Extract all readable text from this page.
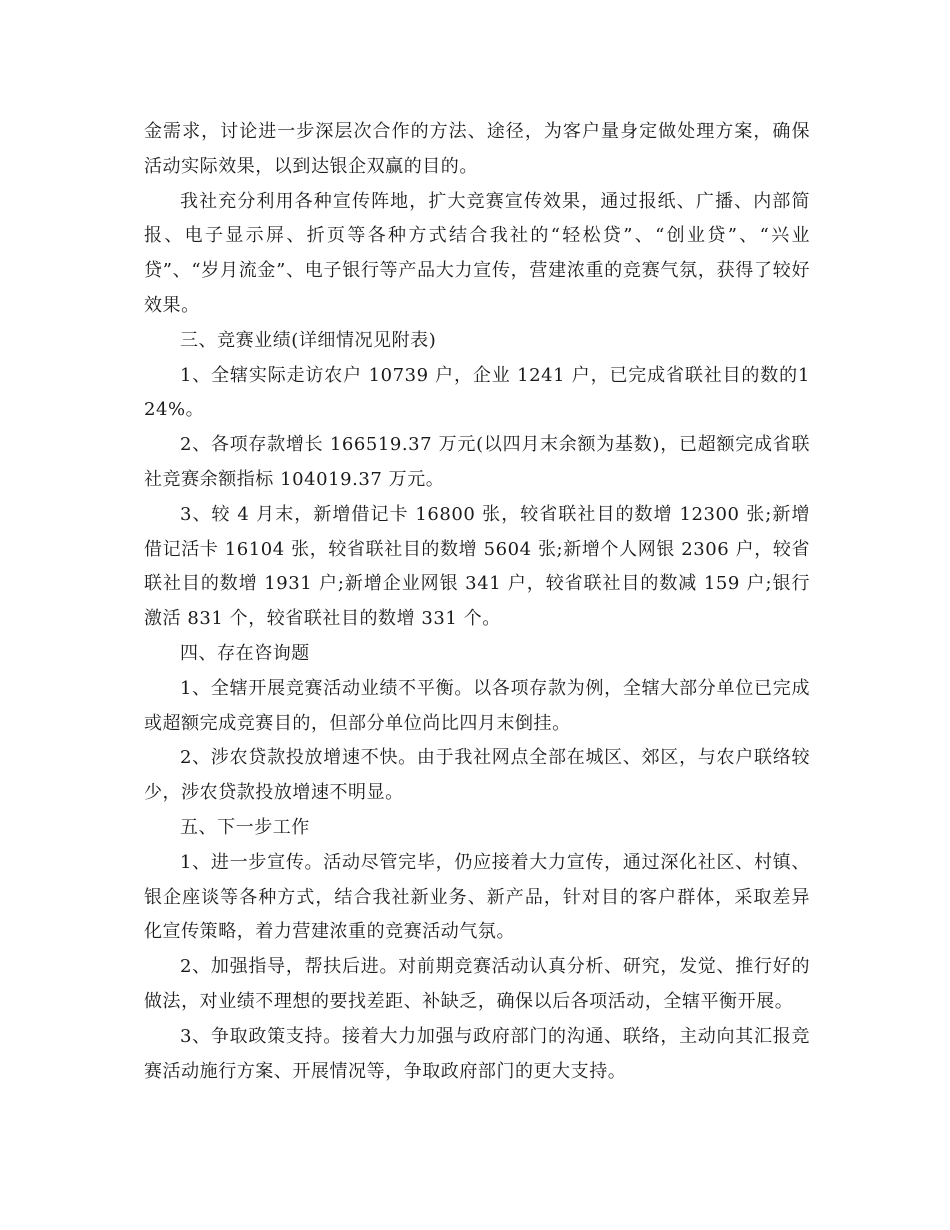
金需求，讨论进一步深层次合作的方法、途径，为客户量身定做处理方案，确保活动实际效果，以到达银企双赢的目的。

我社充分利用各种宣传阵地，扩大竞赛宣传效果，通过报纸、广播、内部简报、电子显示屏、折页等各种方式结合我社的“轻松贷”、“创业贷”、“兴业贷”、“岁月流金”、电子银行等产品大力宣传，营建浓重的竞赛气氛，获得了较好效果。

三、竞赛业绩(详细情况见附表)

1、全辖实际走访农户 10739 户，企业 1241 户，已完成省联社目的数的124%。

2、各项存款增长 166519.37 万元(以四月末余额为基数)，已超额完成省联社竞赛余额指标 104019.37 万元。

3、较 4 月末，新增借记卡 16800 张，较省联社目的数增 12300 张;新增借记活卡 16104 张，较省联社目的数增 5604 张;新增个人网银 2306 户，较省联社目的数增 1931 户;新增企业网银 341 户，较省联社目的数减 159 户;银行激活 831 个，较省联社目的数增 331 个。

四、存在咨询题

1、全辖开展竞赛活动业绩不平衡。以各项存款为例，全辖大部分单位已完成或超额完成竞赛目的，但部分单位尚比四月末倒挂。

2、涉农贷款投放增速不快。由于我社网点全部在城区、郊区，与农户联络较少，涉农贷款投放增速不明显。

五、下一步工作

1、进一步宣传。活动尽管完毕，仍应接着大力宣传，通过深化社区、村镇、银企座谈等各种方式，结合我社新业务、新产品，针对目的客户群体，采取差异化宣传策略，着力营建浓重的竞赛活动气氛。

2、加强指导，帮扶后进。对前期竞赛活动认真分析、研究，发觉、推行好的做法，对业绩不理想的要找差距、补缺乏，确保以后各项活动，全辖平衡开展。

3、争取政策支持。接着大力加强与政府部门的沟通、联络，主动向其汇报竞赛活动施行方案、开展情况等，争取政府部门的更大支持。
